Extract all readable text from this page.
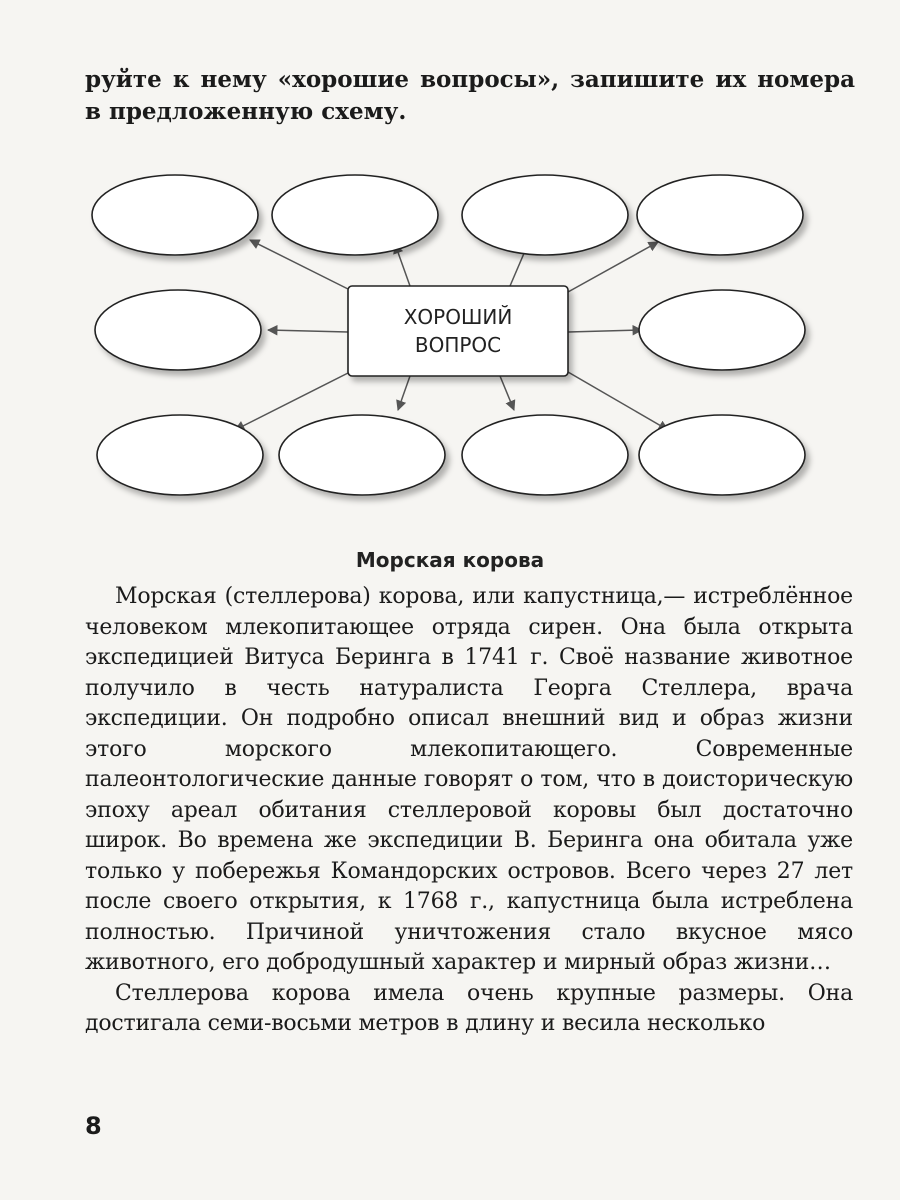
руйте к нему «хорошие вопросы», запишите их номера в предложенную схему.

ХОРОШИЙ
ВОПРОС
Морская корова

Морская (стеллерова) корова, или капустница,— истреблённое человеком млекопитающее отряда сирен. Она была открыта экспедицией Витуса Беринга в 1741 г. Своё название животное получило в честь натуралиста Георга Стеллера, врача экспедиции. Он подробно описал внешний вид и образ жизни этого морского млекопитающего. Современные палеонтологические данные говорят о том, что в доисторическую эпоху ареал обитания стеллеровой коровы был достаточно широк. Во времена же экспедиции В. Беринга она обитала уже только у побережья Командорских островов. Всего через 27 лет после своего открытия, к 1768 г., капустница была истреблена полностью. Причиной уничтожения стало вкусное мясо животного, его добродушный характер и мирный образ жизни…

Стеллерова корова имела очень крупные размеры. Она достигала семи-восьми метров в длину и весила несколько

8
